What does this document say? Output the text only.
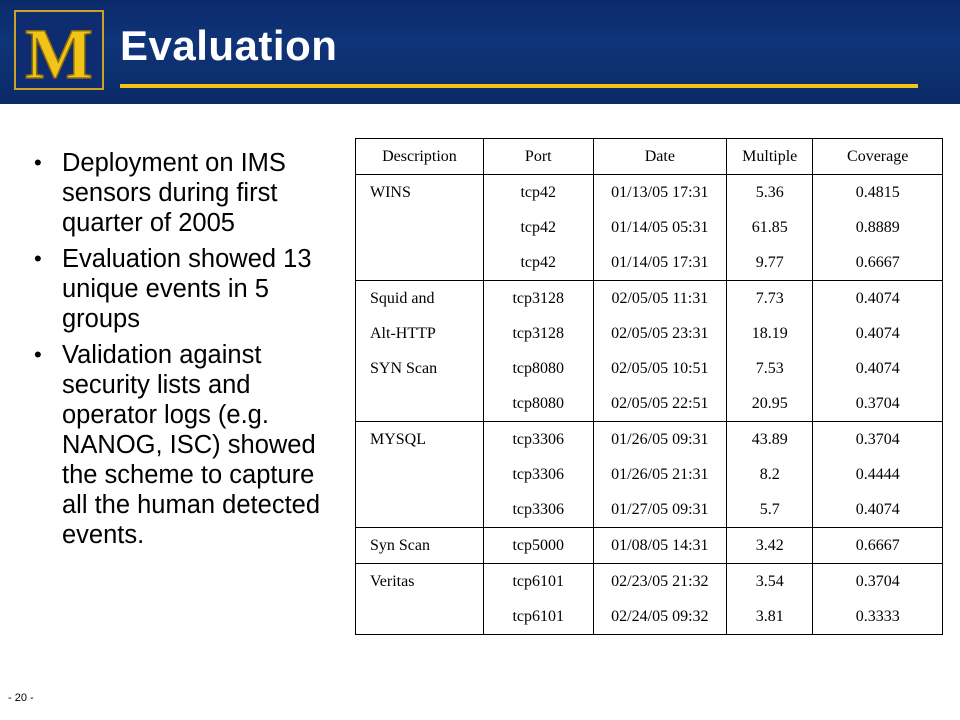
M Evaluation
• Deployment on IMS sensors during first quarter of 2005
• Evaluation showed 13 unique events in 5 groups
• Validation against security lists and operator logs (e.g. NANOG, ISC) showed the scheme to capture all the human detected events.
Description	Port	Date	Multiple	Coverage
WINS	tcp42	01/13/05 17:31	5.36	0.4815
	tcp42	01/14/05 05:31	61.85	0.8889
	tcp42	01/14/05 17:31	9.77	0.6667
Squid and	tcp3128	02/05/05 11:31	7.73	0.4074
Alt-HTTP	tcp3128	02/05/05 23:31	18.19	0.4074
SYN Scan	tcp8080	02/05/05 10:51	7.53	0.4074
	tcp8080	02/05/05 22:51	20.95	0.3704
MYSQL	tcp3306	01/26/05 09:31	43.89	0.3704
	tcp3306	01/26/05 21:31	8.2	0.4444
	tcp3306	01/27/05 09:31	5.7	0.4074
Syn Scan	tcp5000	01/08/05 14:31	3.42	0.6667
Veritas	tcp6101	02/23/05 21:32	3.54	0.3704
	tcp6101	02/24/05 09:32	3.81	0.3333
- 20 -
